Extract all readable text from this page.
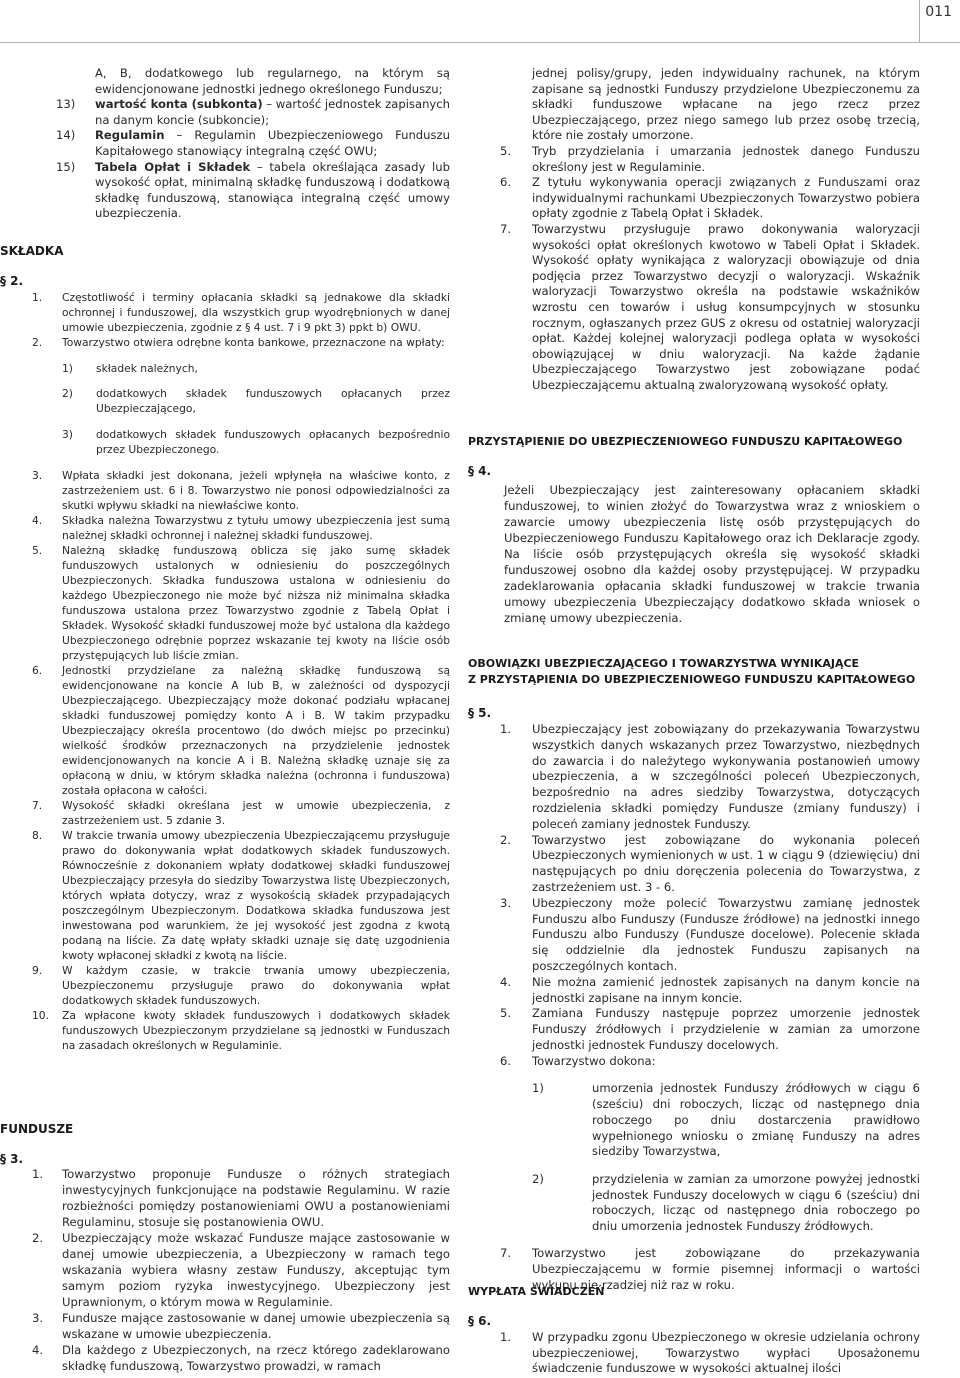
011
SKŁADKA
§ 2.
FUNDUSZE
§ 3.

A, B, dodatkowego lub regularnego, na którym są ewidencjonowane jednostki jednego określonego Funduszu;

13) wartość konta (subkonta) – wartość jednostek zapisanych na danym koncie (subkoncie);

14) Regulamin – Regulamin Ubezpieczeniowego Funduszu Kapitałowego stanowiący integralną część OWU;

15) Tabela Opłat i Składek – tabela określająca zasady lub wysokość opłat, minimalną składkę funduszową i dodatkową składkę funduszową, stanowiąca integralną część umowy ubezpieczenia.

1. Częstotliwość i terminy opłacania składki są jednakowe dla składki ochronnej i funduszowej, dla wszystkich grup wyodrębnionych w danej umowie ubezpieczenia, zgodnie z § 4 ust. 7 i 9 pkt 3) ppkt b) OWU.

2. Towarzystwo otwiera odrębne konta bankowe, przeznaczone na wpłaty:

1) składek należnych,

2) dodatkowych składek funduszowych opłacanych przez Ubezpieczającego,

3) dodatkowych składek funduszowych opłacanych bezpośrednio przez Ubezpieczonego.

3. Wpłata składki jest dokonana, jeżeli wpłynęła na właściwe konto, z zastrzeżeniem ust. 6 i 8. Towarzystwo nie ponosi odpowiedzialności za skutki wpływu składki na niewłaściwe konto.

4. Składka należna Towarzystwu z tytułu umowy ubezpieczenia jest sumą należnej składki ochronnej i należnej składki funduszowej.

5. Należną składkę funduszową oblicza się jako sumę składek funduszowych ustalonych w odniesieniu do poszczególnych Ubezpieczonych. Składka funduszowa ustalona w odniesieniu do każdego Ubezpieczonego nie może być niższa niż minimalna składka funduszowa ustalona przez Towarzystwo zgodnie z Tabelą Opłat i Składek. Wysokość składki funduszowej może być ustalona dla każdego Ubezpieczonego odrębnie poprzez wskazanie tej kwoty na liście osób przystępujących lub liście zmian.

6. Jednostki przydzielane za należną składkę funduszową są ewidencjonowane na koncie A lub B, w zależności od dyspozycji Ubezpieczającego. Ubezpieczający może dokonać podziału wpłacanej składki funduszowej pomiędzy konto A i B. W takim przypadku Ubezpieczający określa procentowo (do dwóch miejsc po przecinku) wielkość środków przeznaczonych na przydzielenie jednostek ewidencjonowanych na koncie A i B. Należną składkę uznaje się za opłaconą w dniu, w którym składka należna (ochronna i funduszowa) została opłacona w całości.

7. Wysokość składki określana jest w umowie ubezpieczenia, z zastrzeżeniem ust. 5 zdanie 3.

8. W trakcie trwania umowy ubezpieczenia Ubezpieczającemu przysługuje prawo do dokonywania wpłat dodatkowych składek funduszowych. Równocześnie z dokonaniem wpłaty dodatkowej składki funduszowej Ubezpieczający przesyła do siedziby Towarzystwa listę Ubezpieczonych, których wpłata dotyczy, wraz z wysokością składek przypadających poszczególnym Ubezpieczonym. Dodatkowa składka funduszowa jest inwestowana pod warunkiem, że jej wysokość jest zgodna z kwotą podaną na liście. Za datę wpłaty składki uznaje się datę uzgodnienia kwoty wpłaconej składki z kwotą na liście.

9. W każdym czasie, w trakcie trwania umowy ubezpieczenia, Ubezpieczonemu przysługuje prawo do dokonywania wpłat dodatkowych składek funduszowych.

10. Za wpłacone kwoty składek funduszowych i dodatkowych składek funduszowych Ubezpieczonym przydzielane są jednostki w Funduszach na zasadach określonych w Regulaminie.

1. Towarzystwo proponuje Fundusze o różnych strategiach inwestycyjnych funkcjonujące na podstawie Regulaminu. W razie rozbieżności pomiędzy postanowieniami OWU a postanowieniami Regulaminu, stosuje się postanowienia OWU.

2. Ubezpieczający może wskazać Fundusze mające zastosowanie w danej umowie ubezpieczenia, a Ubezpieczony w ramach tego wskazania wybiera własny zestaw Funduszy, akceptując tym samym poziom ryzyka inwestycyjnego. Ubezpieczony jest Uprawnionym, o którym mowa w Regulaminie.

3. Fundusze mające zastosowanie w danej umowie ubezpieczenia są wskazane w umowie ubezpieczenia.

4. Dla każdego z Ubezpieczonych, na rzecz którego zadeklarowano składkę funduszową, Towarzystwo prowadzi, w ramach

jednej polisy/grupy, jeden indywidualny rachunek, na którym zapisane są jednostki Funduszy przydzielone Ubezpieczonemu za składki funduszowe wpłacane na jego rzecz przez Ubezpieczającego, przez niego samego lub przez osobę trzecią, które nie zostały umorzone.

5. Tryb przydzielania i umarzania jednostek danego Funduszu określony jest w Regulaminie.

6. Z tytułu wykonywania operacji związanych z Funduszami oraz indywidualnymi rachunkami Ubezpieczonych Towarzystwo pobiera opłaty zgodnie z Tabelą Opłat i Składek.

7. Towarzystwu przysługuje prawo dokonywania waloryzacji wysokości opłat określonych kwotowo w Tabeli Opłat i Składek. Wysokość opłaty wynikająca z waloryzacji obowiązuje od dnia podjęcia przez Towarzystwo decyzji o waloryzacji. Wskaźnik waloryzacji Towarzystwo określa na podstawie wskaźników wzrostu cen towarów i usług konsumpcyjnych w stosunku rocznym, ogłaszanych przez GUS z okresu od ostatniej waloryzacji opłat. Każdej kolejnej waloryzacji podlega opłata w wysokości obowiązującej w dniu waloryzacji. Na każde żądanie Ubezpieczającego Towarzystwo jest zobowiązane podać Ubezpieczającemu aktualną zwaloryzowaną wysokość opłaty.

PRZYSTĄPIENIE DO UBEZPIECZENIOWEGO FUNDUSZU KAPITAŁOWEGO
§ 4.

Jeżeli Ubezpieczający jest zainteresowany opłacaniem składki funduszowej, to winien złożyć do Towarzystwa wraz z wnioskiem o zawarcie umowy ubezpieczenia listę osób przystępujących do Ubezpieczeniowego Funduszu Kapitałowego oraz ich Deklaracje zgody. Na liście osób przystępujących określa się wysokość składki funduszowej osobno dla każdej osoby przystępującej. W przypadku zadeklarowania opłacania składki funduszowej w trakcie trwania umowy ubezpieczenia Ubezpieczający dodatkowo składa wniosek o zmianę umowy ubezpieczenia.

OBOWIĄZKI UBEZPIECZAJĄCEGO I TOWARZYSTWA WYNIKAJĄCE
Z PRZYSTĄPIENIA DO UBEZPIECZENIOWEGO FUNDUSZU KAPITAŁOWEGO
§ 5.

1. Ubezpieczający jest zobowiązany do przekazywania Towarzystwu wszystkich danych wskazanych przez Towarzystwo, niezbędnych do zawarcia i do należytego wykonywania postanowień umowy ubezpieczenia, a w szczególności poleceń Ubezpieczonych, bezpośrednio na adres siedziby Towarzystwa, dotyczących rozdzielenia składki pomiędzy Fundusze (zmiany funduszy) i poleceń zamiany jednostek Funduszy.

2. Towarzystwo jest zobowiązane do wykonania poleceń Ubezpieczonych wymienionych w ust. 1 w ciągu 9 (dziewięciu) dni następujących po dniu doręczenia polecenia do Towarzystwa, z zastrzeżeniem ust. 3 - 6.

3. Ubezpieczony może polecić Towarzystwu zamianę jednostek Funduszu albo Funduszy (Fundusze źródłowe) na jednostki innego Funduszu albo Funduszy (Fundusze docelowe). Polecenie składa się oddzielnie dla jednostek Funduszu zapisanych na poszczególnych kontach.

4. Nie można zamienić jednostek zapisanych na danym koncie na jednostki zapisane na innym koncie.

5. Zamiana Funduszy następuje poprzez umorzenie jednostek Funduszy źródłowych i przydzielenie w zamian za umorzone jednostki jednostek Funduszy docelowych.

6. Towarzystwo dokona:

1)	umorzenia jednostek Funduszy źródłowych w ciągu 6 (sześciu) dni roboczych, licząc od następnego dnia roboczego po dniu dostarczenia prawidłowo wypełnionego wniosku o zmianę Funduszy na adres siedziby Towarzystwa,

2)	przydzielenia w zamian za umorzone powyżej jednostki jednostek Funduszy docelowych w ciągu 6 (sześciu) dni roboczych, licząc od następnego dnia roboczego po dniu umorzenia jednostek Funduszy źródłowych.

7. Towarzystwo jest zobowiązane do przekazywania Ubezpieczającemu w formie pisemnej informacji o wartości wykupu nie rzadziej niż raz w roku.

WYPŁATA ŚWIADCZEŃ
§ 6.

1. W przypadku zgonu Ubezpieczonego w okresie udzielania ochrony ubezpieczeniowej, Towarzystwo wypłaci Uposażonemu świadczenie funduszowe w wysokości aktualnej ilości
